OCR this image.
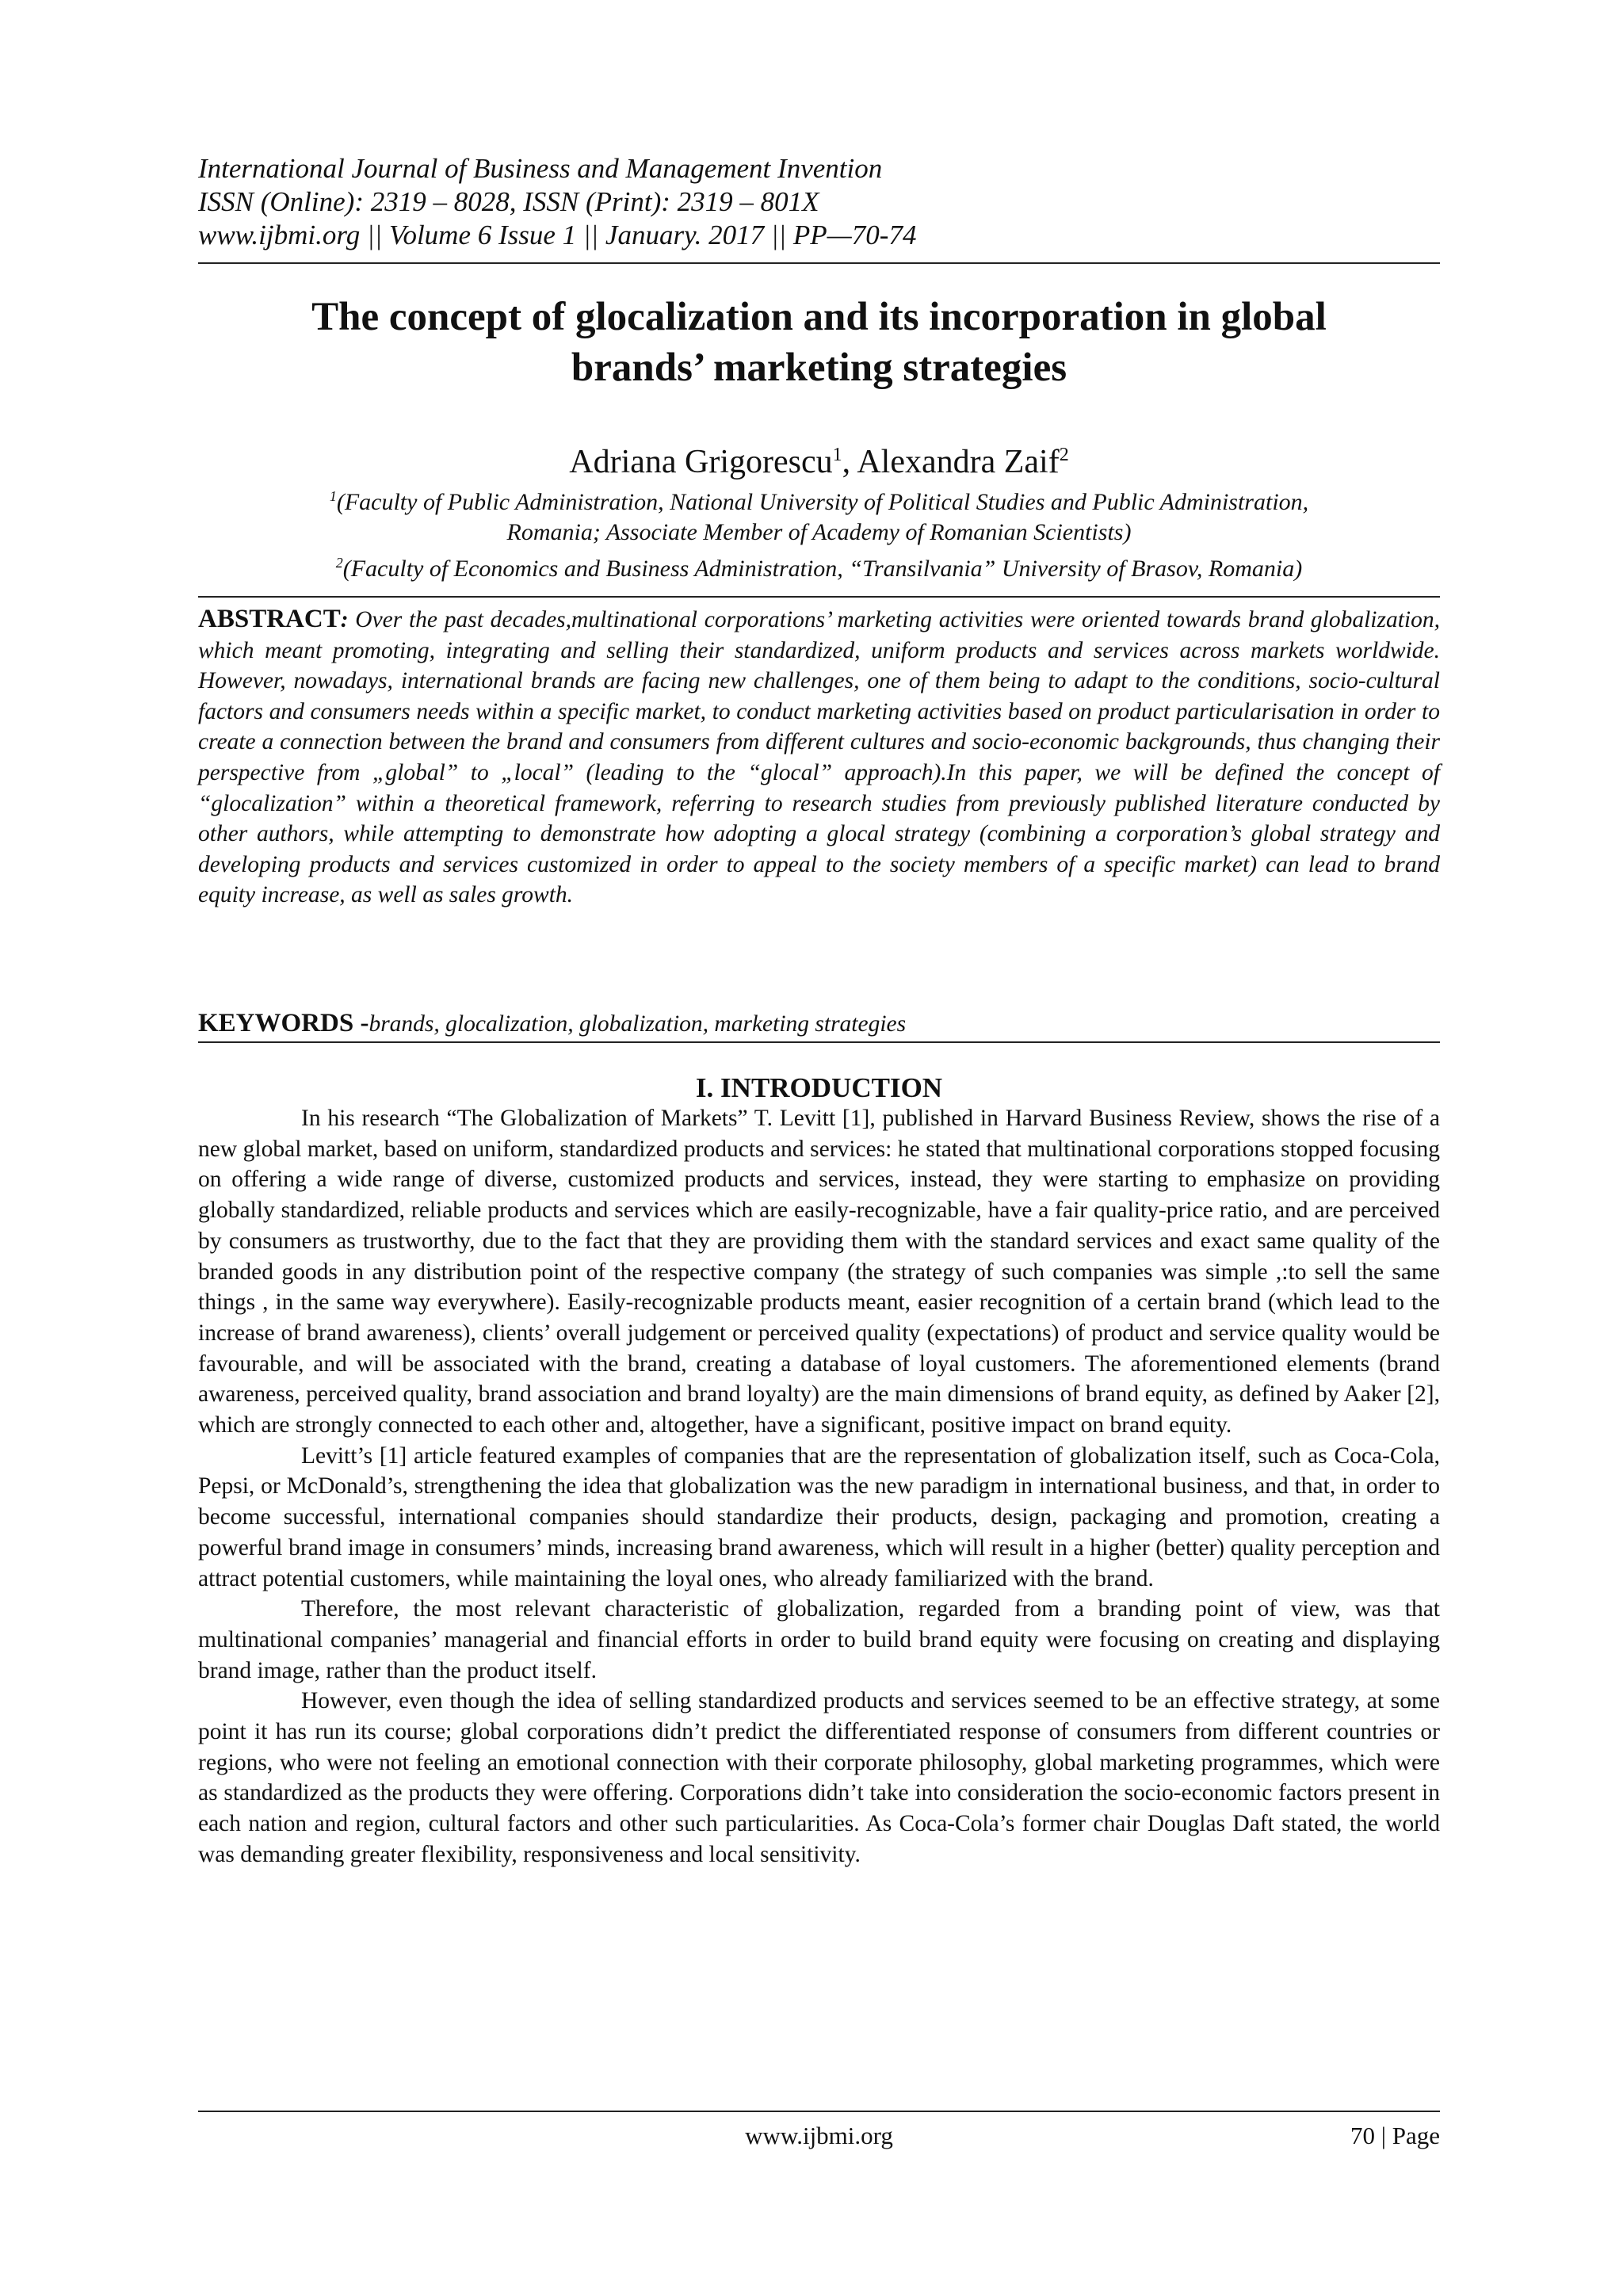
International Journal of Business and Management Invention
ISSN (Online): 2319 – 8028, ISSN (Print): 2319 – 801X
www.ijbmi.org || Volume 6 Issue 1 || January. 2017 || PP—70-74
The concept of glocalization and its incorporation in global
brands’ marketing strategies
Adriana Grigorescu$^1$, Alexandra Zaif$^2$
$^1$(Faculty of Public Administration, National University of Political Studies and Public Administration,
Romania; Associate Member of Academy of Romanian Scientists)
$^2$(Faculty of Economics and Business Administration, “Transilvania” University of Brasov, Romania)
ABSTRACT: Over the past decades,multinational corporations’ marketing activities were oriented towards brand globalization, which meant promoting, integrating and selling their standardized, uniform products and services across markets worldwide. However, nowadays, international brands are facing new challenges, one of them being to adapt to the conditions, socio-cultural factors and consumers needs within a specific market, to conduct marketing activities based on product particularisation in order to create a connection between the brand and consumers from different cultures and socio-economic backgrounds, thus changing their perspective from „global” to „local” (leading to the “glocal” approach).In this paper, we will be defined the concept of “glocalization” within a theoretical framework, referring to research studies from previously published literature conducted by other authors, while attempting to demonstrate how adopting a glocal strategy (combining a corporation’s global strategy and developing products and services customized in order to appeal to the society members of a specific market) can lead to brand equity increase, as well as sales growth.
KEYWORDS -brands, glocalization, globalization, marketing strategies
I. INTRODUCTION

In his research “The Globalization of Markets” T. Levitt [1], published in Harvard Business Review, shows the rise of a new global market, based on uniform, standardized products and services: he stated that multinational corporations stopped focusing on offering a wide range of diverse, customized products and services, instead, they were starting to emphasize on providing globally standardized, reliable products and services which are easily-recognizable, have a fair quality-price ratio, and are perceived by consumers as trustworthy, due to the fact that they are providing them with the standard services and exact same quality of the branded goods in any distribution point of the respective company (the strategy of such companies was simple ,:to sell the same things , in the same way everywhere). Easily-recognizable products meant, easier recognition of a certain brand (which lead to the increase of brand awareness), clients’ overall judgement or perceived quality (expectations) of product and service quality would be favourable, and will be associated with the brand, creating a database of loyal customers. The aforementioned elements (brand awareness, perceived quality, brand association and brand loyalty) are the main dimensions of brand equity, as defined by Aaker [2], which are strongly connected to each other and, altogether, have a significant, positive impact on brand equity.

Levitt’s [1] article featured examples of companies that are the representation of globalization itself, such as Coca-Cola, Pepsi, or McDonald’s, strengthening the idea that globalization was the new paradigm in international business, and that, in order to become successful, international companies should standardize their products, design, packaging and promotion, creating a powerful brand image in consumers’ minds, increasing brand awareness, which will result in a higher (better) quality perception and attract potential customers, while maintaining the loyal ones, who already familiarized with the brand.

Therefore, the most relevant characteristic of globalization, regarded from a branding point of view, was that multinational companies’ managerial and financial efforts in order to build brand equity were focusing on creating and displaying brand image, rather than the product itself.

However, even though the idea of selling standardized products and services seemed to be an effective strategy, at some point it has run its course; global corporations didn’t predict the differentiated response of consumers from different countries or regions, who were not feeling an emotional connection with their corporate philosophy, global marketing programmes, which were as standardized as the products they were offering. Corporations didn’t take into consideration the socio-economic factors present in each nation and region, cultural factors and other such particularities. As Coca-Cola’s former chair Douglas Daft stated, the world was demanding greater flexibility, responsiveness and local sensitivity.

www.ijbmi.org	70 | Page
